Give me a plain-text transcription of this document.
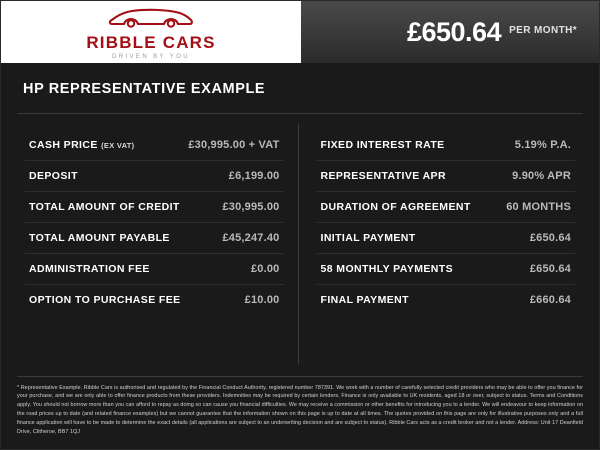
RIBBLE CARS
DRIVEN BY YOU
£650.64 PER MONTH*
HP REPRESENTATIVE EXAMPLE
CASH PRICE (EX VAT)	£30,995.00 + VAT
DEPOSIT	£6,199.00
TOTAL AMOUNT OF CREDIT	£30,995.00
TOTAL AMOUNT PAYABLE	£45,247.40
ADMINISTRATION FEE	£0.00
OPTION TO PURCHASE FEE	£10.00
FIXED INTEREST RATE	5.19% P.A.
REPRESENTATIVE APR	9.90% APR
DURATION OF AGREEMENT	60 MONTHS
INITIAL PAYMENT	£650.64
58 MONTHLY PAYMENTS	£650.64
FINAL PAYMENT	£660.64
* Representative Example. Ribble Cars is authorised and regulated by the Financial Conduct Authority, registered number 787391. We work with a number of carefully selected credit providers who may be able to offer you finance for your purchase, and we are only able to offer finance products from these providers. Indemnities may be required by certain lenders. Finance is only available to UK residents, aged 18 or over, subject to status. Terms and Conditions apply. You should not borrow more than you can afford to repay as doing so can cause you financial difficulties. We may receive a commission or other benefits for introducing you to a lender. We will endeavour to keep information on the road prices up to date (and related finance examples) but we cannot guarantee that the information shown on this page is up to date at all times. The quotes provided on this page are only for illustrative purposes only and a full finance application will have to be made to determine the exact details (all applications are subject to an underwriting decision and are subject to status). Ribble Cars acts as a credit broker and not a lender. Address: Unit 17 Deanfield Drive, Clitheroe, BB7 1QJ
